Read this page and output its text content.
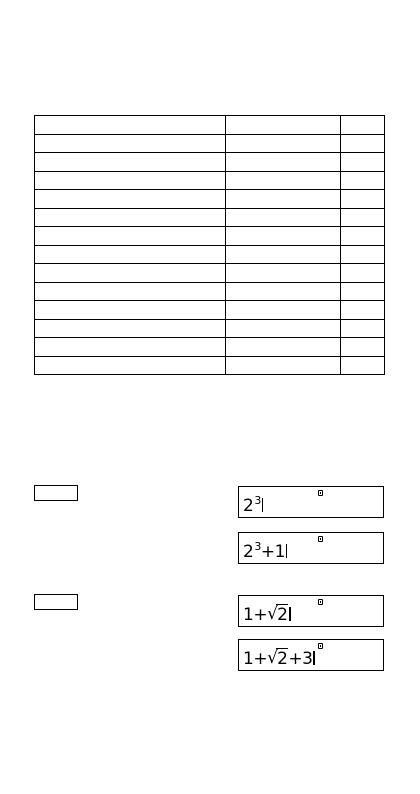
$2^3$
$2^3+1$
1+ √ 2
1+ √ 2+3
